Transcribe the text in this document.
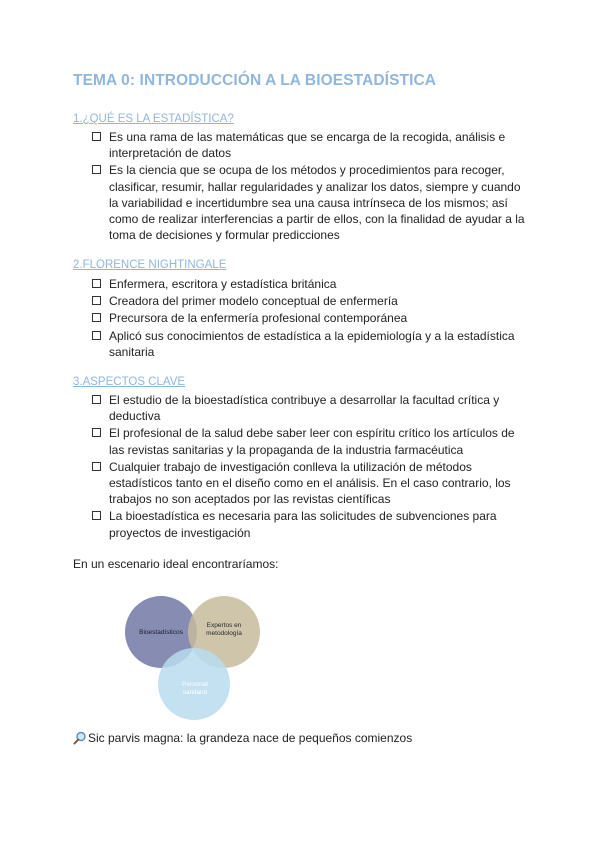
TEMA 0: INTRODUCCIÓN A LA BIOESTADÍSTICA
1.¿QUÉ ES LA ESTADÍSTICA?
Es una rama de las matemáticas que se encarga de la recogida, análisis e interpretación de datos
Es la ciencia que se ocupa de los métodos y procedimientos para recoger, clasificar, resumir, hallar regularidades y analizar los datos, siempre y cuando la variabilidad e incertidumbre sea una causa intrínseca de los mismos; así como de realizar interferencias a partir de ellos, con la finalidad de ayudar a la toma de decisiones y formular predicciones
2.FLORENCE NIGHTINGALE
Enfermera, escritora y estadística británica
Creadora del primer modelo conceptual de enfermería
Precursora de la enfermería profesional contemporánea
Aplicó sus conocimientos de estadística a la epidemiología y a la estadística sanitaria
3.ASPECTOS CLAVE
El estudio de la bioestadística contribuye a desarrollar la facultad crítica y deductiva
El profesional de la salud debe saber leer con espíritu crítico los artículos de las revistas sanitarias y la propaganda de la industria farmacéutica
Cualquier trabajo de investigación conlleva la utilización de métodos estadísticos tanto en el diseño como en el análisis. En el caso contrario, los trabajos no son aceptados por las revistas científicas
La bioestadística es necesaria para las solicitudes de subvenciones para proyectos de investigación
En un escenario ideal encontraríamos:
Bioestadísticos
Expertos en
metodología
Personal
sanitario
Sic parvis magna: la grandeza nace de pequeños comienzos
